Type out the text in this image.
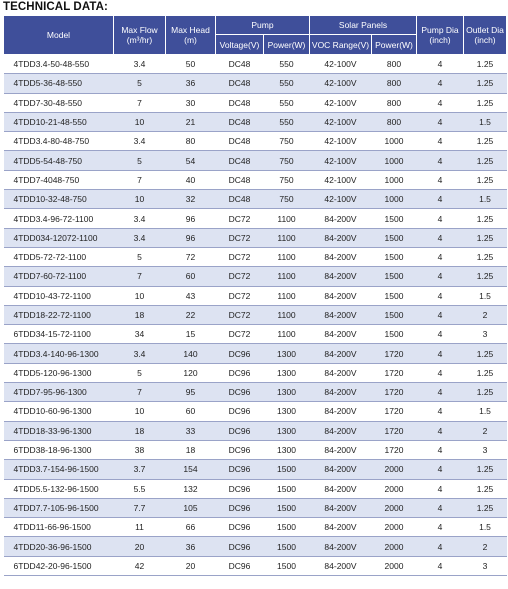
TECHNICAL DATA:
Model	Max Flow (m³/hr)	Max Head (m)	Pump		Solar Panels		Pump Dia (inch)	Outlet Dia (inch)
			Voltage(V)	Power(W)	VOC Range(V)	Power(W)		
4TDD3.4-50-48-550	3.4	50	DC48	550	42-100V	800	4	1.25
4TDD5-36-48-550	5	36	DC48	550	42-100V	800	4	1.25
4TDD7-30-48-550	7	30	DC48	550	42-100V	800	4	1.25
4TDD10-21-48-550	10	21	DC48	550	42-100V	800	4	1.5
4TDD3.4-80-48-750	3.4	80	DC48	750	42-100V	1000	4	1.25
4TDD5-54-48-750	5	54	DC48	750	42-100V	1000	4	1.25
4TDD7-4048-750	7	40	DC48	750	42-100V	1000	4	1.25
4TDD10-32-48-750	10	32	DC48	750	42-100V	1000	4	1.5
4TDD3.4-96-72-1100	3.4	96	DC72	1100	84-200V	1500	4	1.25
4TDD034-12072-1100	3.4	96	DC72	1100	84-200V	1500	4	1.25
4TDD5-72-72-1100	5	72	DC72	1100	84-200V	1500	4	1.25
4TDD7-60-72-1100	7	60	DC72	1100	84-200V	1500	4	1.25
4TDD10-43-72-1100	10	43	DC72	1100	84-200V	1500	4	1.5
4TDD18-22-72-1100	18	22	DC72	1100	84-200V	1500	4	2
6TDD34-15-72-1100	34	15	DC72	1100	84-200V	1500	4	3
4TDD3.4-140-96-1300	3.4	140	DC96	1300	84-200V	1720	4	1.25
4TDD5-120-96-1300	5	120	DC96	1300	84-200V	1720	4	1.25
4TDD7-95-96-1300	7	95	DC96	1300	84-200V	1720	4	1.25
4TDD10-60-96-1300	10	60	DC96	1300	84-200V	1720	4	1.5
4TDD18-33-96-1300	18	33	DC96	1300	84-200V	1720	4	2
6TDD38-18-96-1300	38	18	DC96	1300	84-200V	1720	4	3
4TDD3.7-154-96-1500	3.7	154	DC96	1500	84-200V	2000	4	1.25
4TDD5.5-132-96-1500	5.5	132	DC96	1500	84-200V	2000	4	1.25
4TDD7.7-105-96-1500	7.7	105	DC96	1500	84-200V	2000	4	1.25
4TDD11-66-96-1500	11	66	DC96	1500	84-200V	2000	4	1.5
4TDD20-36-96-1500	20	36	DC96	1500	84-200V	2000	4	2
6TDD42-20-96-1500	42	20	DC96	1500	84-200V	2000	4	3
